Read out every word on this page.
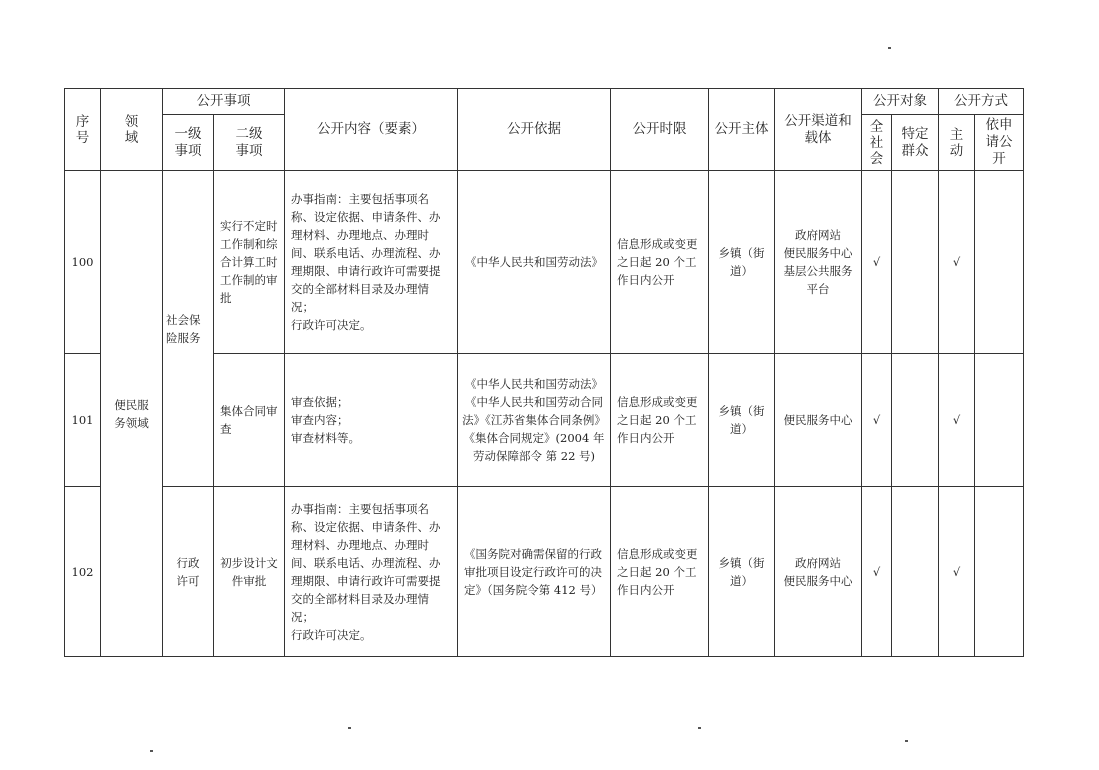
序号	领域	公开事项		公开内容（要素）	公开依据	公开时限	公开主体	公开渠道和载体	公开对象		公开方式	

		一级事项	二级事项						全社会	特定群众	主动	依申请公开

100	便民服务领域	社会保险服务	实行不定时工作制和综合计算工时工作制的审批	办事指南：主要包括事项名称、设定依据、申请条件、办理材料、办理地点、办理时间、联系电话、办理流程、办理期限、申请行政许可需要提交的全部材料目录及办理情况；
行政许可决定。	《中华人民共和国劳动法》	信息形成或变更之日起 20 个工作日内公开	乡镇（街道）	政府网站
便民服务中心
基层公共服务平台	√		√	
101			集体合同审查	审查依据；
审查内容；
审查材料等。	《中华人民共和国劳动法》《中华人民共和国劳动合同法》《江苏省集体合同条例》《集体合同规定》(2004 年劳动保障部令 第 22 号)	信息形成或变更之日起 20 个工作日内公开	乡镇（街道）	便民服务中心	√		√	
102		行政许可	初步设计文件审批	办事指南：主要包括事项名称、设定依据、申请条件、办理材料、办理地点、办理时间、联系电话、办理流程、办理期限、申请行政许可需要提交的全部材料目录及办理情况；
行政许可决定。	《国务院对确需保留的行政审批项目设定行政许可的决定》（国务院令第 412 号）	信息形成或变更之日起 20 个工作日内公开	乡镇（街道）	政府网站
便民服务中心	√		√	
